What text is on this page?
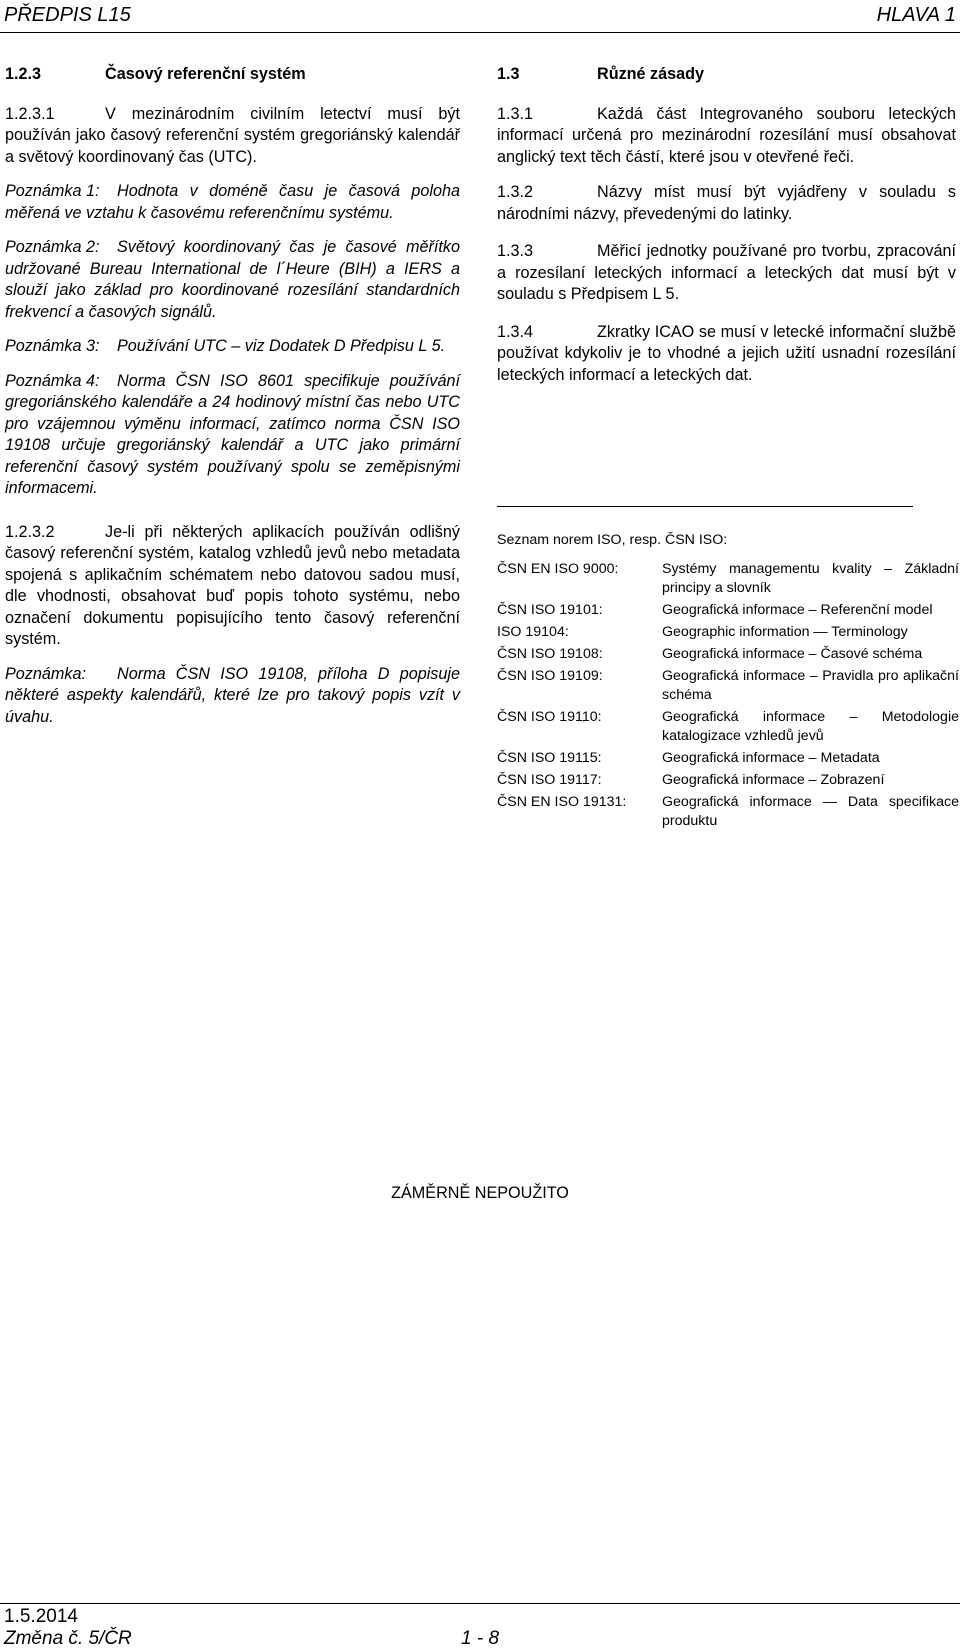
PŘEDPIS L15	HLAVA 1
1.2.3	Časový referenční systém

1.2.3.1	V mezinárodním civilním letectví musí být používán jako časový referenční systém gregoriánský kalendář a světový koordinovaný čas (UTC).

Poznámka 1: Hodnota v doméně času je časová poloha měřená ve vztahu k časovému referenčnímu systému.

Poznámka 2: Světový koordinovaný čas je časové měřítko udržované Bureau International de l´Heure (BIH) a IERS a slouží jako základ pro koordinované rozesílání standardních frekvencí a časových signálů.

Poznámka 3: Používání UTC – viz Dodatek D Předpisu L 5.

Poznámka 4: Norma ČSN ISO 8601 specifikuje používání gregoriánského kalendáře a 24 hodinový místní čas nebo UTC pro vzájemnou výměnu informací, zatímco norma ČSN ISO 19108 určuje gregoriánský kalendář a UTC jako primární referenční časový systém používaný spolu se zeměpisnými informacemi.

1.2.3.2	Je-li při některých aplikacích používán odlišný časový referenční systém, katalog vzhledů jevů nebo metadata spojená s aplikačním schématem nebo datovou sadou musí, dle vhodnosti, obsahovat buď popis tohoto systému, nebo označení dokumentu popisujícího tento časový referenční systém.

Poznámka: Norma ČSN ISO 19108, příloha D popisuje některé aspekty kalendářů, které lze pro takový popis vzít v úvahu.

1.3	Různé zásady

1.3.1	Každá část Integrovaného souboru leteckých informací určená pro mezinárodní rozesílání musí obsahovat anglický text těch částí, které jsou v otevřené řeči.

1.3.2	Názvy míst musí být vyjádřeny v souladu s národními názvy, převedenými do latinky.

1.3.3	Měřicí jednotky používané pro tvorbu, zpracování a rozesílaní leteckých informací a leteckých dat musí být v souladu s Předpisem L 5.

1.3.4	Zkratky ICAO se musí v letecké informační službě používat kdykoliv je to vhodné a jejich užití usnadní rozesílání leteckých informací a leteckých dat.

Seznam norem ISO, resp. ČSN ISO:

ČSN EN ISO 9000:	Systémy managementu kvality – Základní principy a slovník
ČSN ISO 19101:	Geografická informace – Referenční model
ISO 19104:	Geographic information — Terminology
ČSN ISO 19108:	Geografická informace – Časové schéma
ČSN ISO 19109:	Geografická informace – Pravidla pro aplikační schéma
ČSN ISO 19110:	Geografická informace – Metodologie katalogizace vzhledů jevů
ČSN ISO 19115:	Geografická informace – Metadata
ČSN ISO 19117:	Geografická informace – Zobrazení
ČSN EN ISO 19131:	Geografická informace — Data specifikace produktu
ZÁMĚRNĚ NEPOUŽITO
1.5.2014
Změna č. 5/ČR	1 - 8
